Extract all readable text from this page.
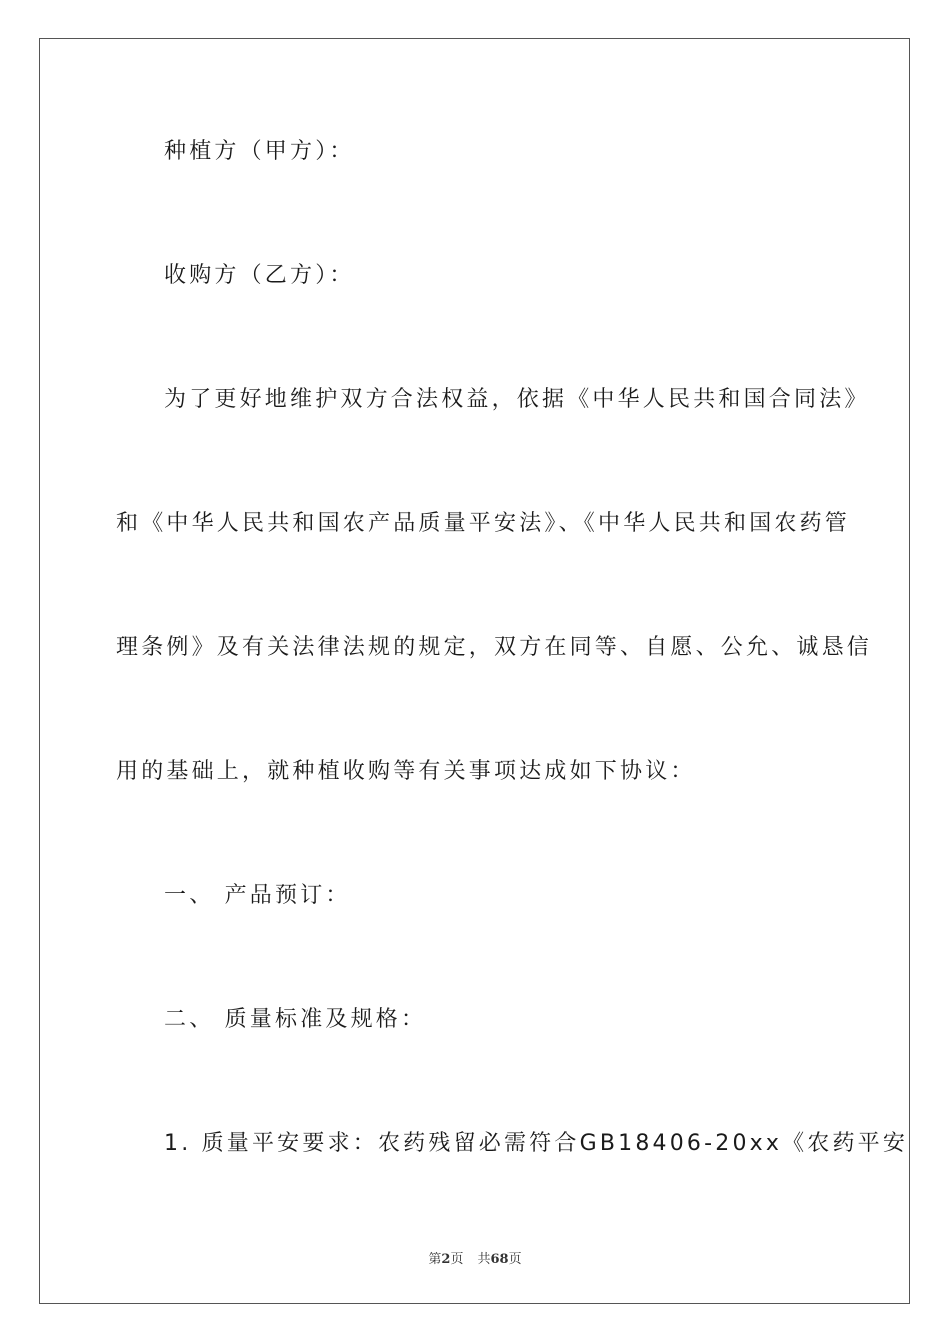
种植方（甲方）：
收购方（乙方）：
为了更好地维护双方合法权益，依据《中华人民共和国合同法》
和《中华人民共和国农产品质量平安法》、《中华人民共和国农药管
理条例》及有关法律法规的规定，双方在同等、自愿、公允、诚恳信
用的基础上，就种植收购等有关事项达成如下协议：
一、 产品预订：
二、 质量标准及规格：
1. 质量平安要求：农药残留必需符合GB18406-20xx《农药平安
第2页 共68页
